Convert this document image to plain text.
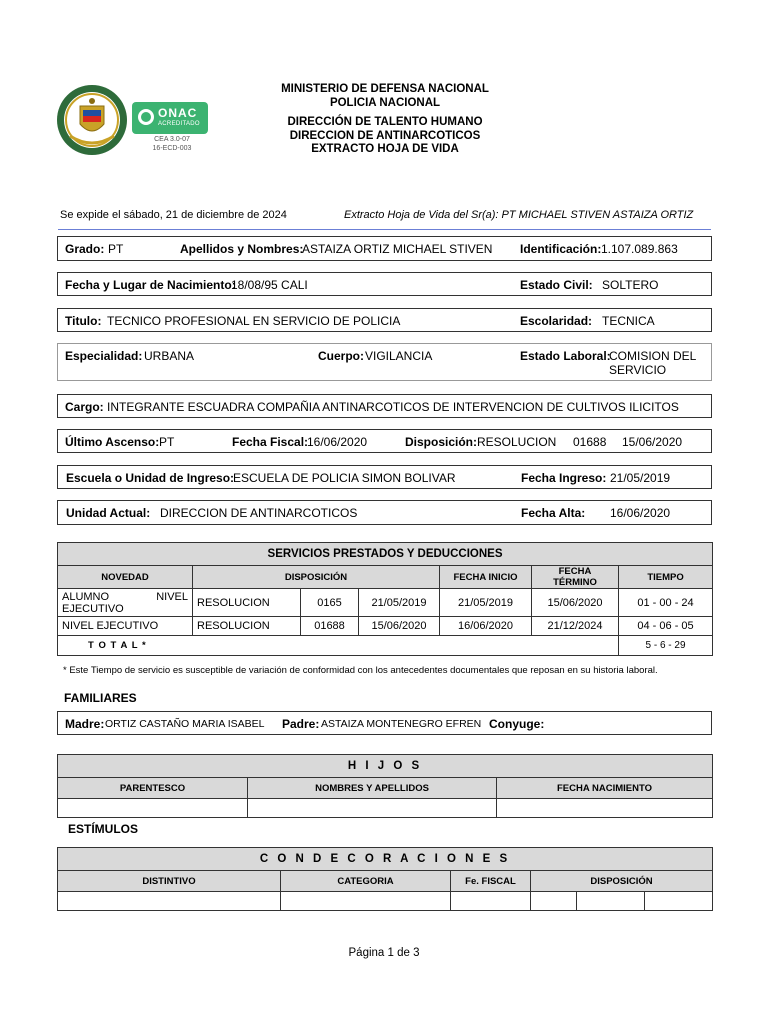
ONAC
ACREDITADO
CEA 3.0-07
16-ECD-003
MINISTERIO DE DEFENSA NACIONAL
POLICIA NACIONAL
DIRECCIÓN DE TALENTO HUMANO
DIRECCION DE ANTINARCOTICOS
EXTRACTO HOJA DE VIDA
Se expide el sábado, 21 de diciembre de 2024	Extracto Hoja de Vida del Sr(a): PT MICHAEL STIVEN ASTAIZA ORTIZ
Grado: PT	Apellidos y Nombres:
ASTAIZA ORTIZ MICHAEL STIVEN Identificación: 1.107.089.863
Fecha y Lugar de Nacimiento:
18/08/95 CALI	Estado Civil: SOLTERO
Titulo: TECNICO PROFESIONAL EN SERVICIO DE POLICIA	Escolaridad: TECNICA
Especialidad: URBANA	Cuerpo: VIGILANCIA	Estado Laboral:
COMISION DEL
SERVICIO
Cargo: INTEGRANTE ESCUADRA COMPAÑIA ANTINARCOTICOS DE INTERVENCION DE CULTIVOS ILICITOS
Último Ascenso: PT	Fecha Fiscal:
16/06/2020	Disposición: RESOLUCION 01688 15/06/2020
Escuela o Unidad de Ingreso:
ESCUELA DE POLICIA SIMON BOLIVAR	Fecha Ingreso: 21/05/2019
Unidad Actual: DIRECCION DE ANTINARCOTICOS	Fecha Alta: 16/06/2020
SERVICIOS PRESTADOS Y DEDUCCIONES						
NOVEDAD	DISPOSICIÓN			FECHA INICIO	FECHA TÉRMINO	TIEMPO

ALUMNO NIVEL
EJECUTIVO	RESOLUCION	0165	21/05/2019	21/05/2019	15/06/2020	01 - 00 - 24
NIVEL EJECUTIVO	RESOLUCION	01688	15/06/2020	16/06/2020	21/12/2024	04 - 06 - 05
T O T A L *						5 - 6 - 29
* Este Tiempo de servicio es susceptible de variación de conformidad con los antecedentes documentales que reposan en su historia laboral.
FAMILIARES
Madre: ORTIZ CASTAÑO MARIA ISABEL Padre: ASTAIZA MONTENEGRO EFREN Conyuge:
H I J O S		
PARENTESCO	NOMBRES Y APELLIDOS	FECHA NACIMIENTO

ESTÍMULOS
C O N D E C O R A C I O N E S					
DISTINTIVO	CATEGORIA	Fe. FISCAL	DISPOSICIÓN		

Página 1 de 3
